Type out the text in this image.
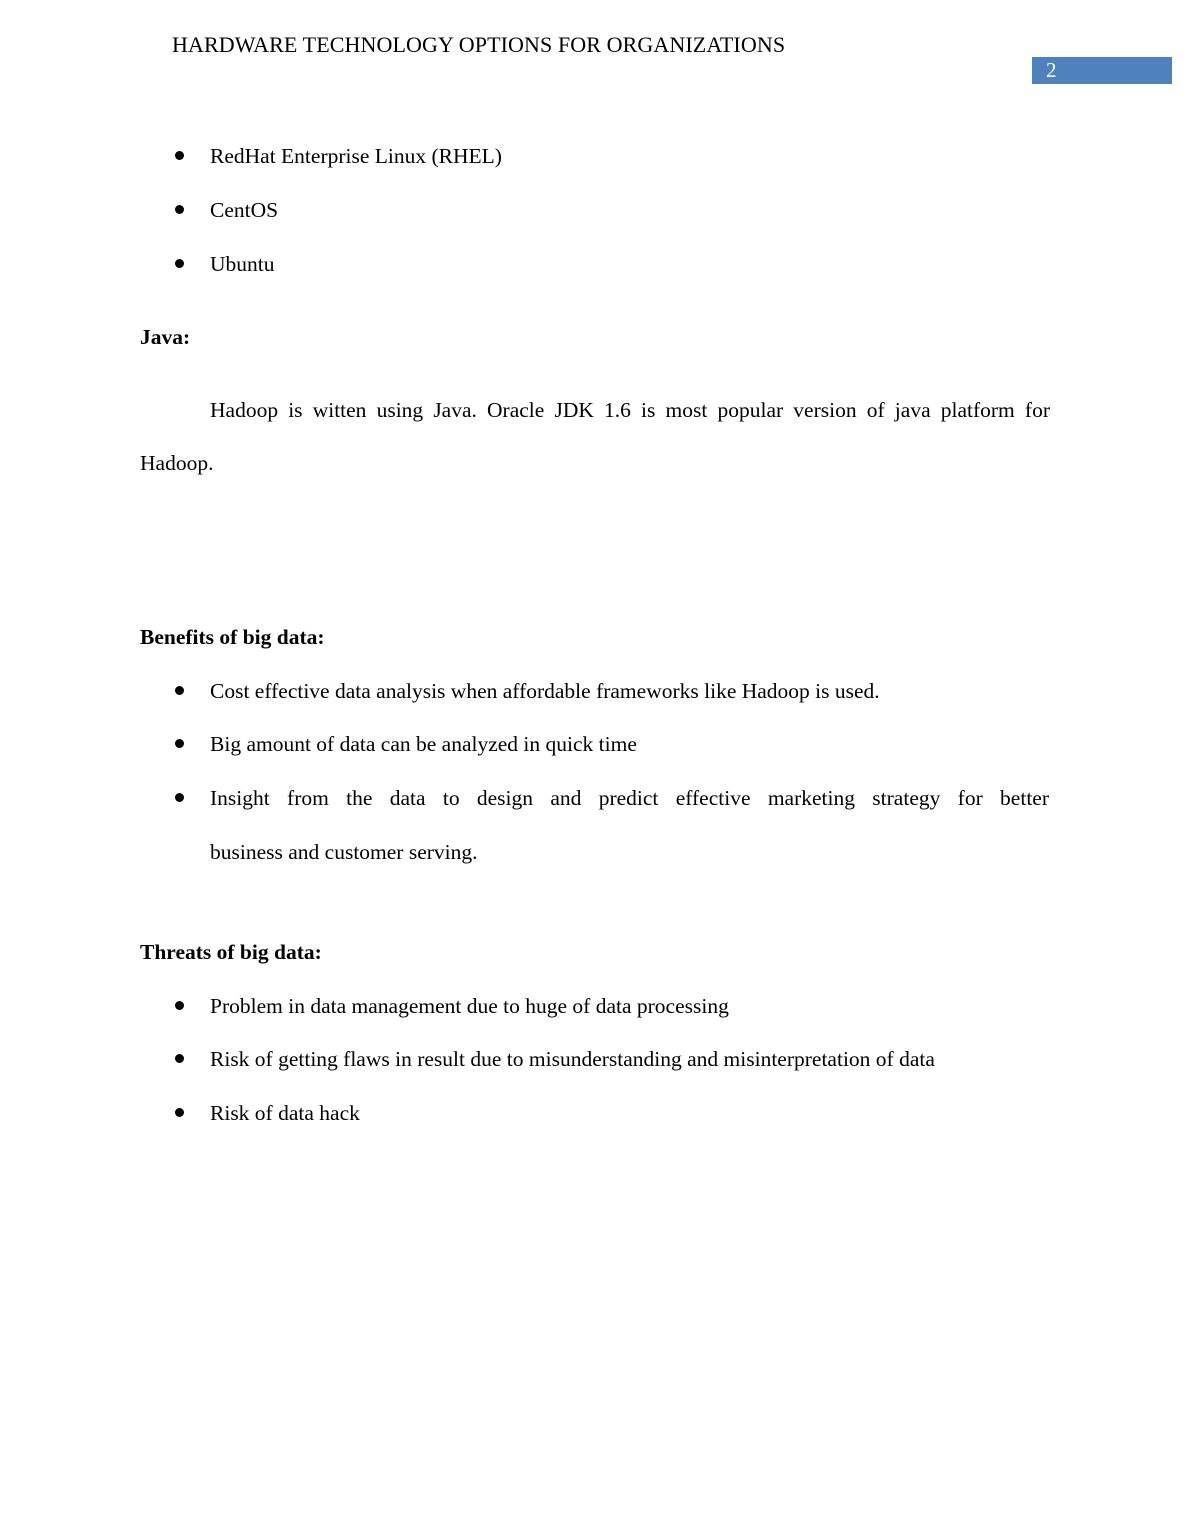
HARDWARE TECHNOLOGY OPTIONS FOR ORGANIZATIONS
2
RedHat Enterprise Linux (RHEL)
CentOS
Ubuntu
Java:
Hadoop is witten using Java. Oracle JDK 1.6 is most popular version of java platform for
Hadoop.
Benefits of big data:
Cost effective data analysis when affordable frameworks like Hadoop is used.
Big amount of data can be analyzed in quick time
Insight from the data to design and predict effective marketing strategy for better
business and customer serving.
Threats of big data:
Problem in data management due to huge of data processing
Risk of getting flaws in result due to misunderstanding and misinterpretation of data
Risk of data hack
